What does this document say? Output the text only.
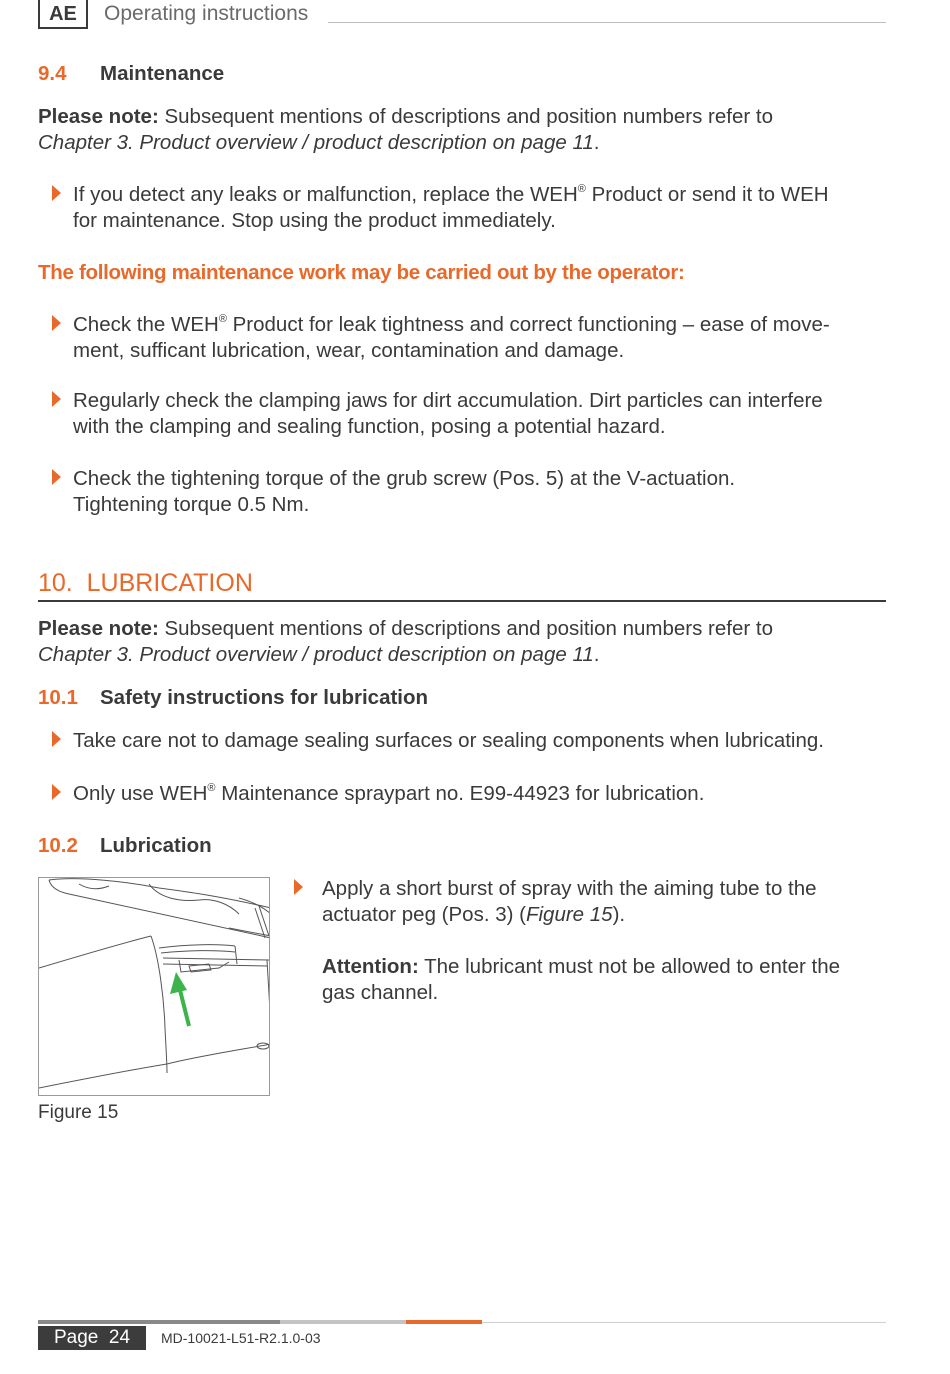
AE	Operating instructions
9.4 Maintenance
Please note: Subsequent mentions of descriptions and position numbers refer to
Chapter 3. Product overview / product description on page 11.
If you detect any leaks or malfunction, replace the WEH® Product or send it to WEH
for maintenance. Stop using the product immediately.
The following maintenance work may be carried out by the operator:
Check the WEH® Product for leak tightness and correct functioning – ease of move-
ment, sufficant lubrication, wear, contamination and damage.
Regularly check the clamping jaws for dirt accumulation. Dirt particles can interfere
with the clamping and sealing function, posing a potential hazard.
Check the tightening torque of the grub screw (Pos. 5) at the V-actuation.
Tightening torque 0.5 Nm.
10.  LUBRICATION
Please note: Subsequent mentions of descriptions and position numbers refer to
Chapter 3. Product overview / product description on page 11.
10.1 Safety instructions for lubrication
Take care not to damage sealing surfaces or sealing components when lubricating.
Only use WEH® Maintenance spraypart no. E99-44923 for lubrication.
10.2 Lubrication
Figure 15
Apply a short burst of spray with the aiming tube to the
actuator peg (Pos. 3) (Figure 15).
Attention: The lubricant must not be allowed to enter the
gas channel.
Page  24	MD-10021-L51-R2.1.0-03
